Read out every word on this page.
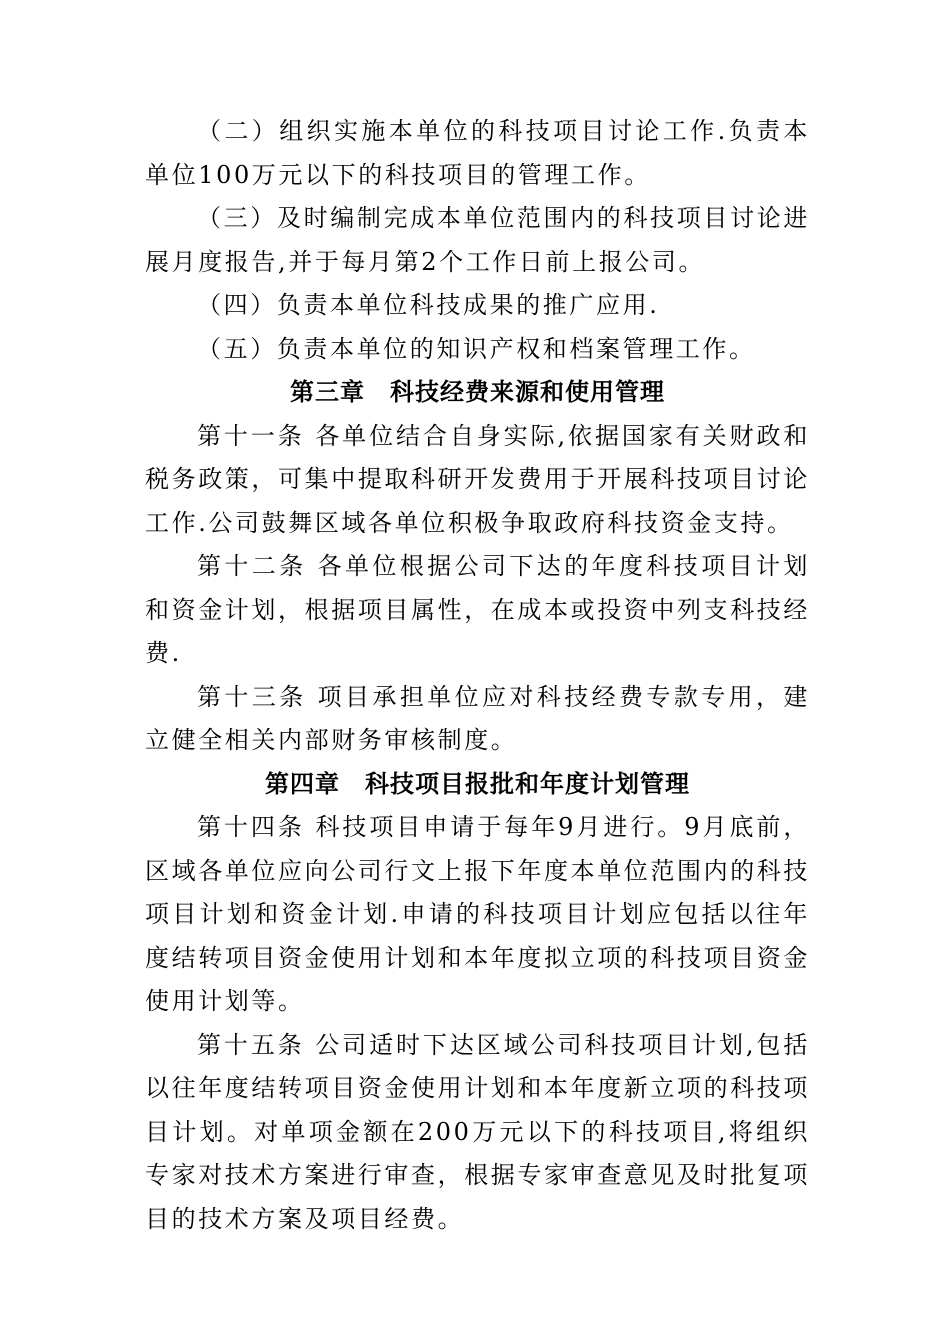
（二）组织实施本单位的科技项目讨论工作.负责本单位100万元以下的科技项目的管理工作。

（三）及时编制完成本单位范围内的科技项目讨论进展月度报告,并于每月第2个工作日前上报公司。

（四）负责本单位科技成果的推广应用.

（五）负责本单位的知识产权和档案管理工作。

第三章　科技经费来源和使用管理

第十一条 各单位结合自身实际,依据国家有关财政和税务政策，可集中提取科研开发费用于开展科技项目讨论工作.公司鼓舞区域各单位积极争取政府科技资金支持。

第十二条 各单位根据公司下达的年度科技项目计划和资金计划，根据项目属性，在成本或投资中列支科技经费.

第十三条 项目承担单位应对科技经费专款专用，建立健全相关内部财务审核制度。

第四章　科技项目报批和年度计划管理

第十四条 科技项目申请于每年9月进行。9月底前，区域各单位应向公司行文上报下年度本单位范围内的科技项目计划和资金计划.申请的科技项目计划应包括以往年度结转项目资金使用计划和本年度拟立项的科技项目资金使用计划等。

第十五条 公司适时下达区域公司科技项目计划,包括以往年度结转项目资金使用计划和本年度新立项的科技项目计划。对单项金额在200万元以下的科技项目,将组织专家对技术方案进行审查，根据专家审查意见及时批复项目的技术方案及项目经费。
